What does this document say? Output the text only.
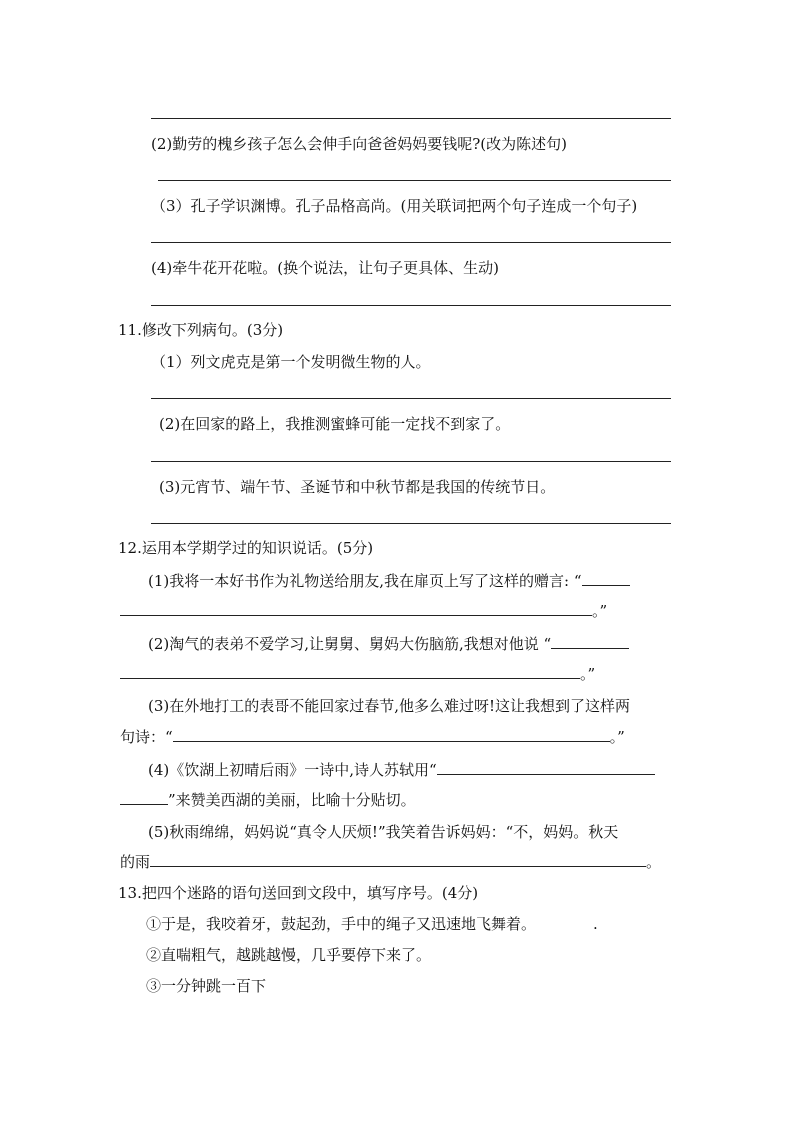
(2)勤劳的槐乡孩子怎么会伸手向爸爸妈妈要钱呢?(改为陈述句)
（3）孔子学识渊博。孔子品格高尚。(用关联词把两个句子连成一个句子)
(4)牵牛花开花啦。(换个说法，让句子更具体、生动)
11.修改下列病句。(3分)
（1）列文虎克是第一个发明微生物的人。
(2)在回家的路上，我推测蜜蜂可能一定找不到家了。
(3)元宵节、端午节、圣诞节和中秋节都是我国的传统节日。
12.运用本学期学过的知识说话。(5分)
(1)我将一本好书作为礼物送给朋友,我在扉页上写了这样的赠言: “
。”
(2)淘气的表弟不爱学习,让舅舅、舅妈大伤脑筋,我想对他说 “
。”
(3)在外地打工的表哥不能回家过春节,他多么难过呀!这让我想到了这样两
句诗：“	。”
(4)《饮湖上初晴后雨》一诗中,诗人苏轼用“
”来赞美西湖的美丽，比喻十分贴切。
(5)秋雨绵绵，妈妈说“真令人厌烦!”我笑着告诉妈妈：“不，妈妈。秋天
的雨	。
13.把四个迷路的语句送回到文段中，填写序号。(4分)
①于是，我咬着牙，鼓起劲，手中的绳子又迅速地飞舞着。	.
②直喘粗气，越跳越慢，几乎要停下来了。
③一分钟跳一百下
